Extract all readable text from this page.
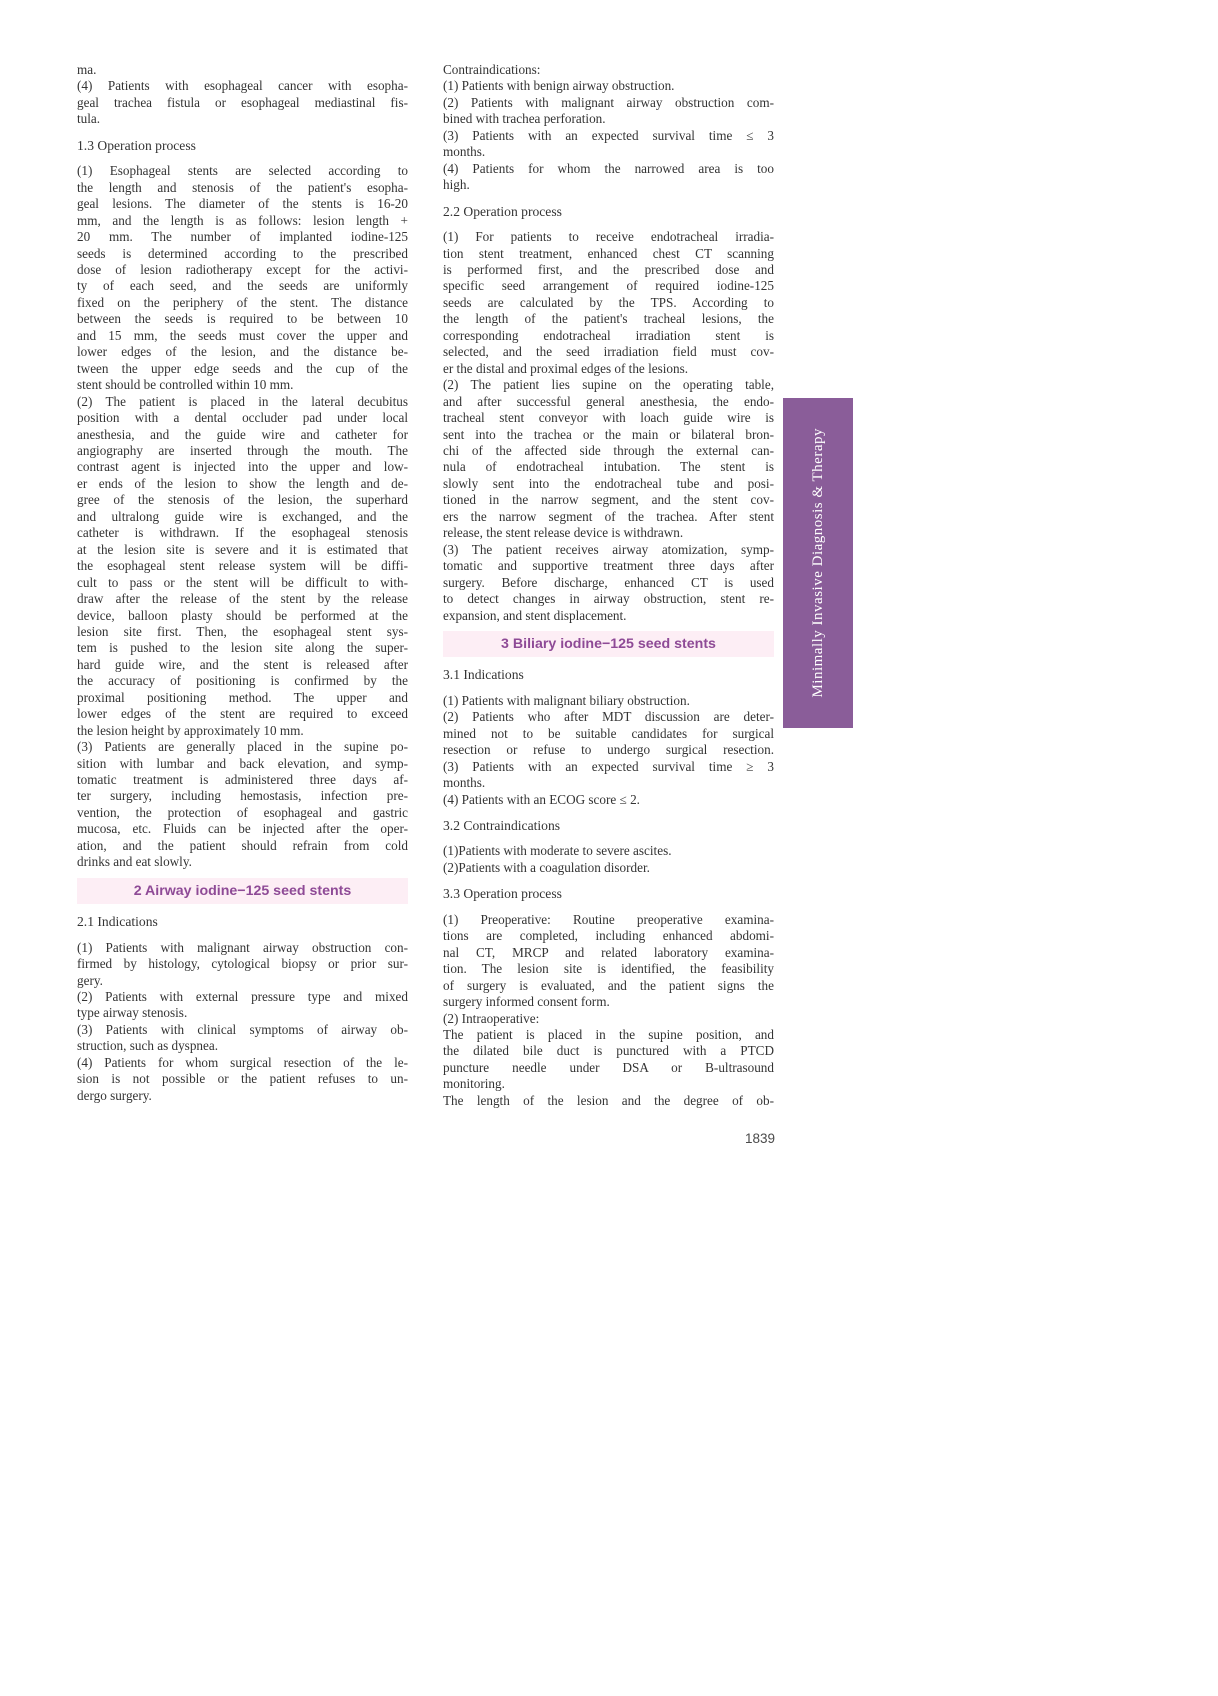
ma.
(4) Patients with esophageal cancer with esopha-
geal trachea fistula or esophageal mediastinal fis-
tula.
1.3 Operation process
(1) Esophageal stents are selected according to
the length and stenosis of the patient's esopha-
geal lesions. The diameter of the stents is 16-20
mm, and the length is as follows: lesion length +
20 mm. The number of implanted iodine-125
seeds is determined according to the prescribed
dose of lesion radiotherapy except for the activi-
ty of each seed, and the seeds are uniformly
fixed on the periphery of the stent. The distance
between the seeds is required to be between 10
and 15 mm, the seeds must cover the upper and
lower edges of the lesion, and the distance be-
tween the upper edge seeds and the cup of the
stent should be controlled within 10 mm.
(2) The patient is placed in the lateral decubitus
position with a dental occluder pad under local
anesthesia, and the guide wire and catheter for
angiography are inserted through the mouth. The
contrast agent is injected into the upper and low-
er ends of the lesion to show the length and de-
gree of the stenosis of the lesion, the superhard
and ultralong guide wire is exchanged, and the
catheter is withdrawn. If the esophageal stenosis
at the lesion site is severe and it is estimated that
the esophageal stent release system will be diffi-
cult to pass or the stent will be difficult to with-
draw after the release of the stent by the release
device, balloon plasty should be performed at the
lesion site first. Then, the esophageal stent sys-
tem is pushed to the lesion site along the super-
hard guide wire, and the stent is released after
the accuracy of positioning is confirmed by the
proximal positioning method. The upper and
lower edges of the stent are required to exceed
the lesion height by approximately 10 mm.
(3) Patients are generally placed in the supine po-
sition with lumbar and back elevation, and symp-
tomatic treatment is administered three days af-
ter surgery, including hemostasis, infection pre-
vention, the protection of esophageal and gastric
mucosa, etc. Fluids can be injected after the oper-
ation, and the patient should refrain from cold
drinks and eat slowly.
2 Airway iodine−125 seed stents
2.1 Indications
(1) Patients with malignant airway obstruction con-
firmed by histology, cytological biopsy or prior sur-
gery.
(2) Patients with external pressure type and mixed
type airway stenosis.
(3) Patients with clinical symptoms of airway ob-
struction, such as dyspnea.
(4) Patients for whom surgical resection of the le-
sion is not possible or the patient refuses to un-
dergo surgery.
Contraindications:
(1) Patients with benign airway obstruction.
(2) Patients with malignant airway obstruction com-
bined with trachea perforation.
(3) Patients with an expected survival time ≤ 3
months.
(4) Patients for whom the narrowed area is too
high.
2.2 Operation process
(1) For patients to receive endotracheal irradia-
tion stent treatment, enhanced chest CT scanning
is performed first, and the prescribed dose and
specific seed arrangement of required iodine-125
seeds are calculated by the TPS. According to
the length of the patient's tracheal lesions, the
corresponding endotracheal irradiation stent is
selected, and the seed irradiation field must cov-
er the distal and proximal edges of the lesions.
(2) The patient lies supine on the operating table,
and after successful general anesthesia, the endo-
tracheal stent conveyor with loach guide wire is
sent into the trachea or the main or bilateral bron-
chi of the affected side through the external can-
nula of endotracheal intubation. The stent is
slowly sent into the endotracheal tube and posi-
tioned in the narrow segment, and the stent cov-
ers the narrow segment of the trachea. After stent
release, the stent release device is withdrawn.
(3) The patient receives airway atomization, symp-
tomatic and supportive treatment three days after
surgery. Before discharge, enhanced CT is used
to detect changes in airway obstruction, stent re-
expansion, and stent displacement.
3 Biliary iodine−125 seed stents
3.1 Indications
(1) Patients with malignant biliary obstruction.
(2) Patients who after MDT discussion are deter-
mined not to be suitable candidates for surgical
resection or refuse to undergo surgical resection.
(3) Patients with an expected survival time ≥ 3
months.
(4) Patients with an ECOG score ≤ 2.
3.2 Contraindications
(1)Patients with moderate to severe ascites.
(2)Patients with a coagulation disorder.
3.3 Operation process
(1) Preoperative: Routine preoperative examina-
tions are completed, including enhanced abdomi-
nal CT, MRCP and related laboratory examina-
tion. The lesion site is identified, the feasibility
of surgery is evaluated, and the patient signs the
surgery informed consent form.
(2) Intraoperative:
The patient is placed in the supine position, and
the dilated bile duct is punctured with a PTCD
puncture needle under DSA or B-ultrasound
monitoring.
The length of the lesion and the degree of ob-
Minimally Invasive Diagnosis & Therapy
1839
